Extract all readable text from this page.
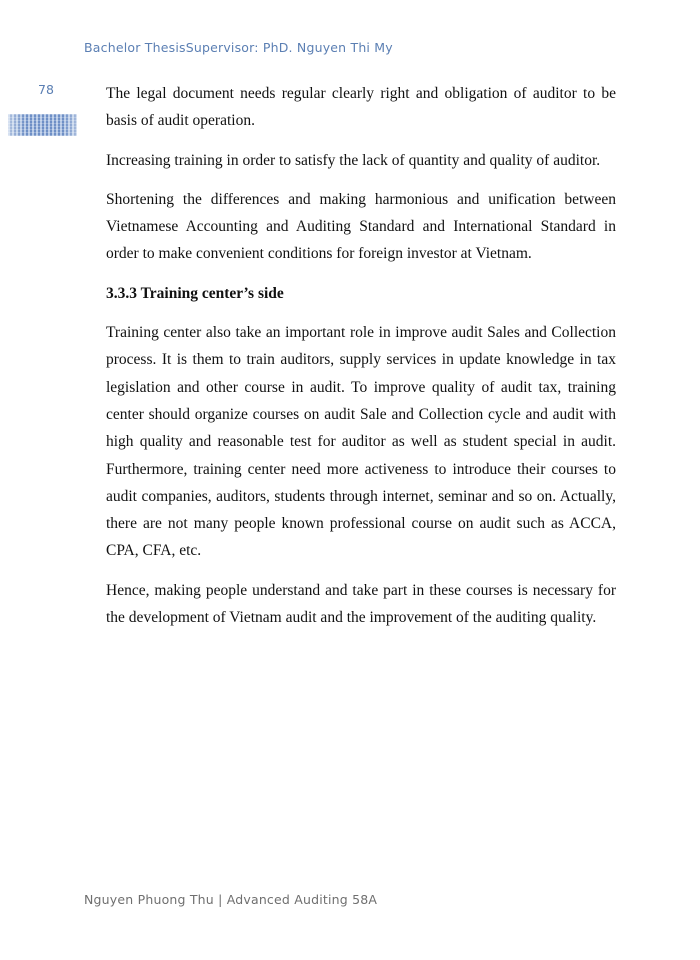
Bachelor ThesisSupervisor: PhD. Nguyen Thi My
78	The legal document needs regular clearly right and obligation of auditor to be basis of audit operation.

Increasing training in order to satisfy the lack of quantity and quality of auditor.

Shortening the differences and making harmonious and unification between Vietnamese Accounting and Auditing Standard and International Standard in order to make convenient conditions for foreign investor at Vietnam.

3.3.3 Training center’s side

Training center also take an important role in improve audit Sales and Collection process. It is them to train auditors, supply services in update knowledge in tax legislation and other course in audit. To improve quality of audit tax, training center should organize courses on audit Sale and Collection cycle and audit with high quality and reasonable test for auditor as well as student special in audit. Furthermore, training center need more activeness to introduce their courses to audit companies, auditors, students through internet, seminar and so on. Actually, there are not many people known professional course on audit such as ACCA, CPA, CFA, etc.

Hence, making people understand and take part in these courses is necessary for the development of Vietnam audit and the improvement of the auditing quality.

Nguyen Phuong Thu | Advanced Auditing 58A
